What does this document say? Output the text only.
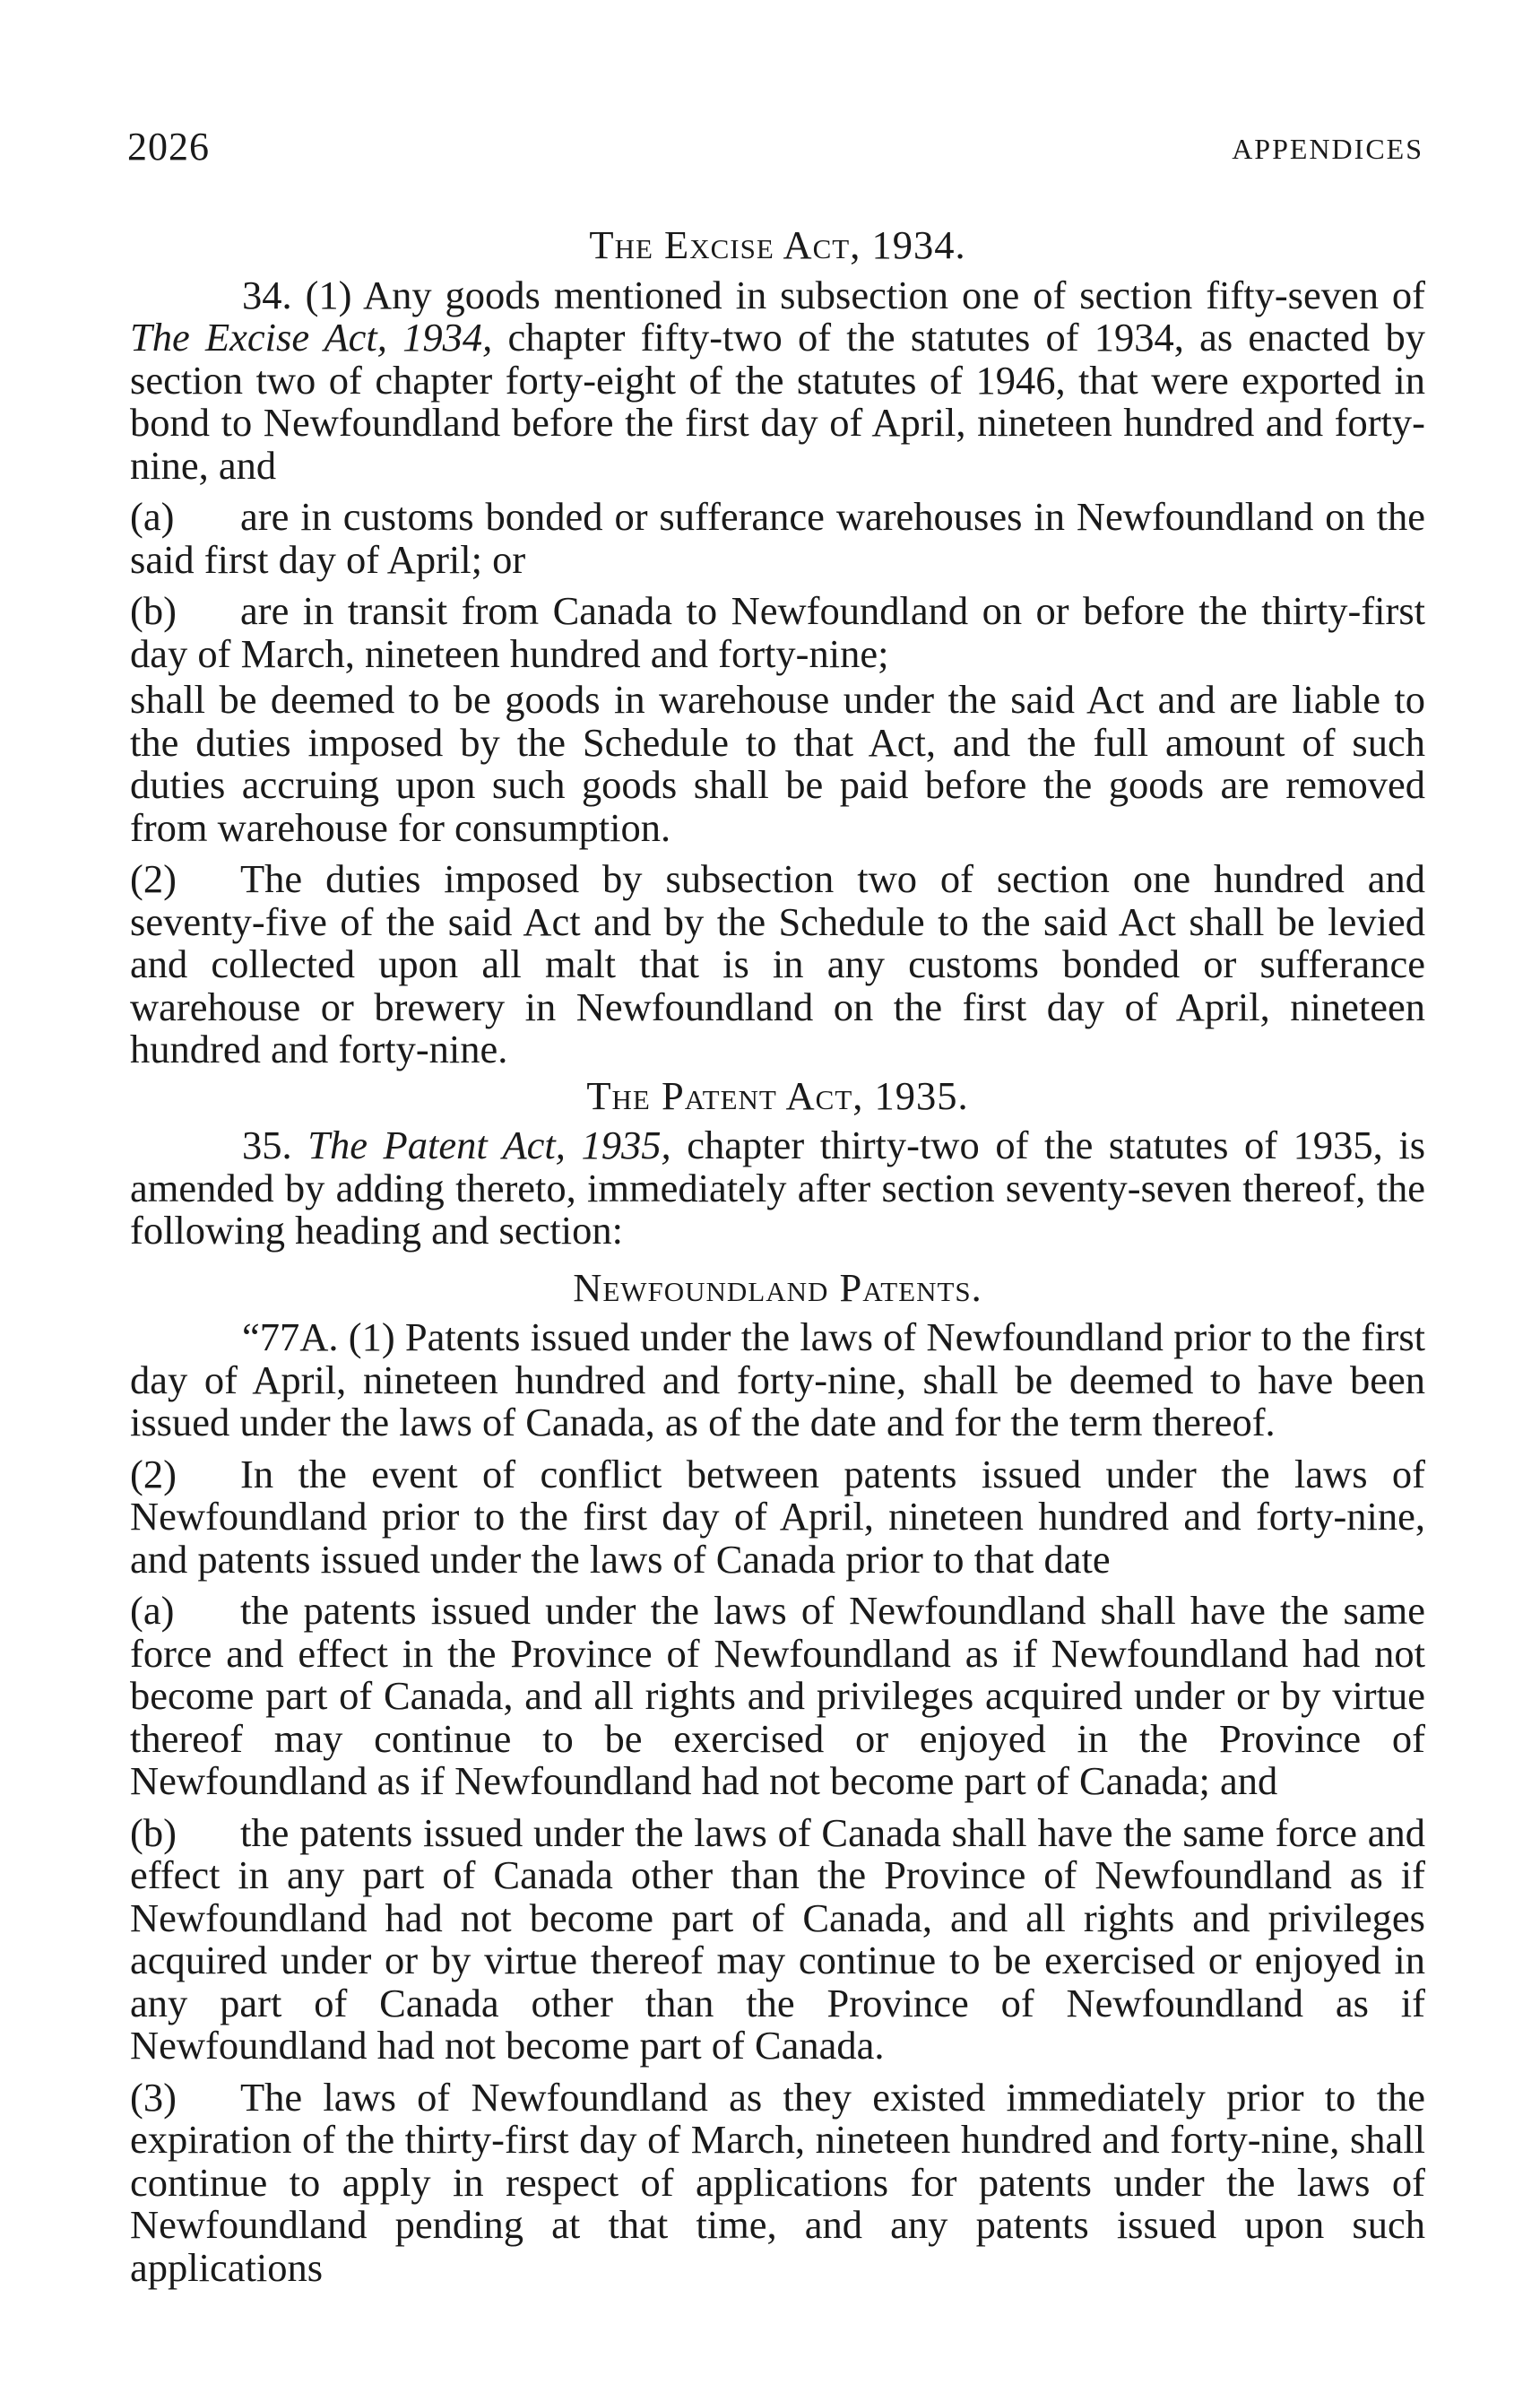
2026	APPENDICES
The Excise Act, 1934.

34. (1) Any goods mentioned in subsection one of section fifty-seven of The Excise Act, 1934, chapter fifty-two of the statutes of 1934, as enacted by section two of chapter forty-eight of the statutes of 1946, that were exported in bond to Newfoundland before the first day of April, nineteen hundred and forty-nine, and

(a) are in customs bonded or sufferance warehouses in Newfoundland on the said first day of April; or

(b) are in transit from Canada to Newfoundland on or before the thirty-first day of March, nineteen hundred and forty-nine;

shall be deemed to be goods in warehouse under the said Act and are liable to the duties imposed by the Schedule to that Act, and the full amount of such duties accruing upon such goods shall be paid before the goods are removed from warehouse for consumption.

(2) The duties imposed by subsection two of section one hundred and seventy-five of the said Act and by the Schedule to the said Act shall be levied and collected upon all malt that is in any customs bonded or sufferance warehouse or brewery in Newfoundland on the first day of April, nineteen hundred and forty-nine.

The Patent Act, 1935.

35. The Patent Act, 1935, chapter thirty-two of the statutes of 1935, is amended by adding thereto, immediately after section seventy-seven thereof, the following heading and section:

Newfoundland Patents.

“77A. (1) Patents issued under the laws of Newfoundland prior to the first day of April, nineteen hundred and forty-nine, shall be deemed to have been issued under the laws of Canada, as of the date and for the term thereof.

(2) In the event of conflict between patents issued under the laws of Newfoundland prior to the first day of April, nineteen hundred and forty-nine, and patents issued under the laws of Canada prior to that date

(a) the patents issued under the laws of Newfoundland shall have the same force and effect in the Province of Newfoundland as if Newfoundland had not become part of Canada, and all rights and privileges acquired under or by virtue thereof may continue to be exercised or enjoyed in the Province of Newfoundland as if Newfoundland had not become part of Canada; and

(b) the patents issued under the laws of Canada shall have the same force and effect in any part of Canada other than the Province of Newfoundland as if Newfoundland had not become part of Canada, and all rights and privileges acquired under or by virtue thereof may continue to be exercised or enjoyed in any part of Canada other than the Province of Newfoundland as if Newfoundland had not become part of Canada.

(3) The laws of Newfoundland as they existed immediately prior to the expiration of the thirty-first day of March, nineteen hundred and forty-nine, shall continue to apply in respect of applications for patents under the laws of Newfoundland pending at that time, and any patents issued upon such applications
